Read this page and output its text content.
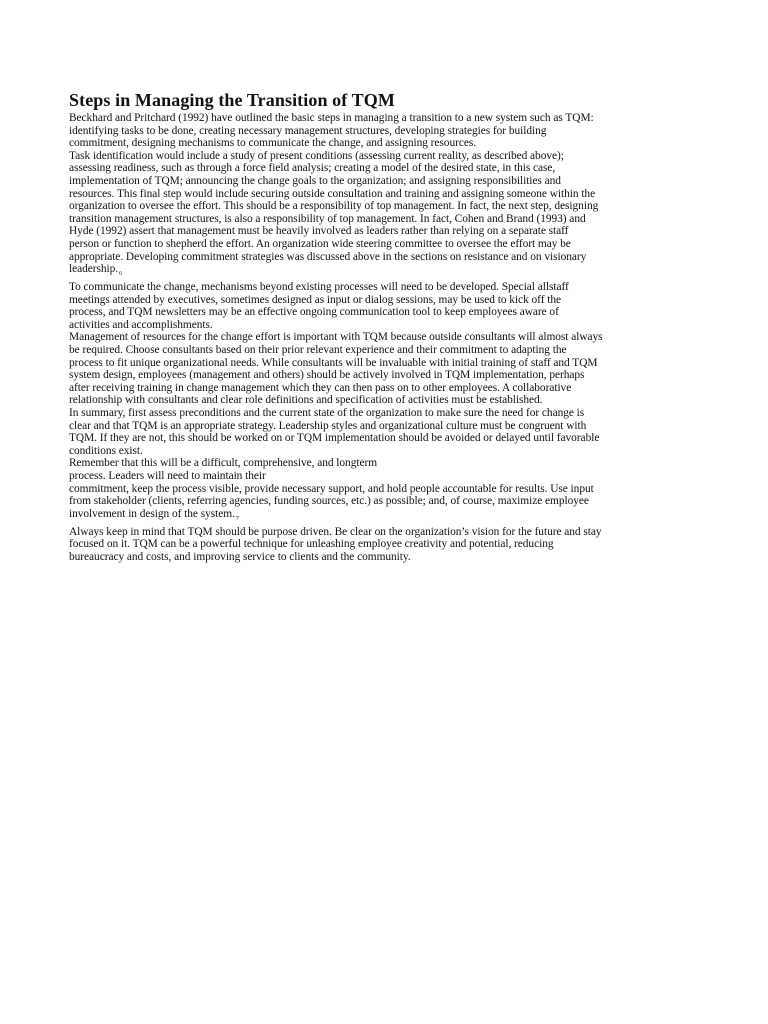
Steps in Managing the Transition of TQM

Beckhard and Pritchard (1992) have outlined the basic steps in managing a transition to a new system such as TQM:
identifying tasks to be done, creating necessary management structures, developing strategies for building
commitment, designing mechanisms to communicate the change, and assigning resources.

Task identification would include a study of present conditions (assessing current reality, as described above);
assessing readiness, such as through a force field analysis; creating a model of the desired state, in this case,
implementation of TQM; announcing the change goals to the organization; and assigning responsibilities and
resources. This final step would include securing outside consultation and training and assigning someone within the
organization to oversee the effort. This should be a responsibility of top management. In fact, the next step, designing
transition management structures, is also a responsibility of top management. In fact, Cohen and Brand (1993) and
Hyde (1992) assert that management must be heavily involved as leaders rather than relying on a separate staff
person or function to shepherd the effort. An organization wide steering committee to oversee the effort may be
appropriate. Developing commitment strategies was discussed above in the sections on resistance and on visionary
$leadership._6$

To communicate the change, mechanisms beyond existing processes will need to be developed. Special allstaff
meetings attended by executives, sometimes designed as input or dialog sessions, may be used to kick off the
process, and TQM newsletters may be an effective ongoing communication tool to keep employees aware of
activities and accomplishments.

Management of resources for the change effort is important with TQM because outside consultants will almost always
be required. Choose consultants based on their prior relevant experience and their commitment to adapting the
process to fit unique organizational needs. While consultants will be invaluable with initial training of staff and TQM
system design, employees (management and others) should be actively involved in TQM implementation, perhaps
after receiving training in change management which they can then pass on to other employees. A collaborative
relationship with consultants and clear role definitions and specification of activities must be established.

In summary, first assess preconditions and the current state of the organization to make sure the need for change is
clear and that TQM is an appropriate strategy. Leadership styles and organizational culture must be congruent with
TQM. If they are not, this should be worked on or TQM implementation should be avoided or delayed until favorable
conditions exist.

Remember that this will be a difficult, comprehensive, and longterm
process. Leaders will need to maintain their
commitment, keep the process visible, provide necessary support, and hold people accountable for results. Use input
from stakeholder (clients, referring agencies, funding sources, etc.) as possible; and, of course, maximize employee
involvement in design of the $system._7$

Always keep in mind that TQM should be purpose driven. Be clear on the organization’s vision for the future and stay
focused on it. TQM can be a powerful technique for unleashing employee creativity and potential, reducing
bureaucracy and costs, and improving service to clients and the community.
